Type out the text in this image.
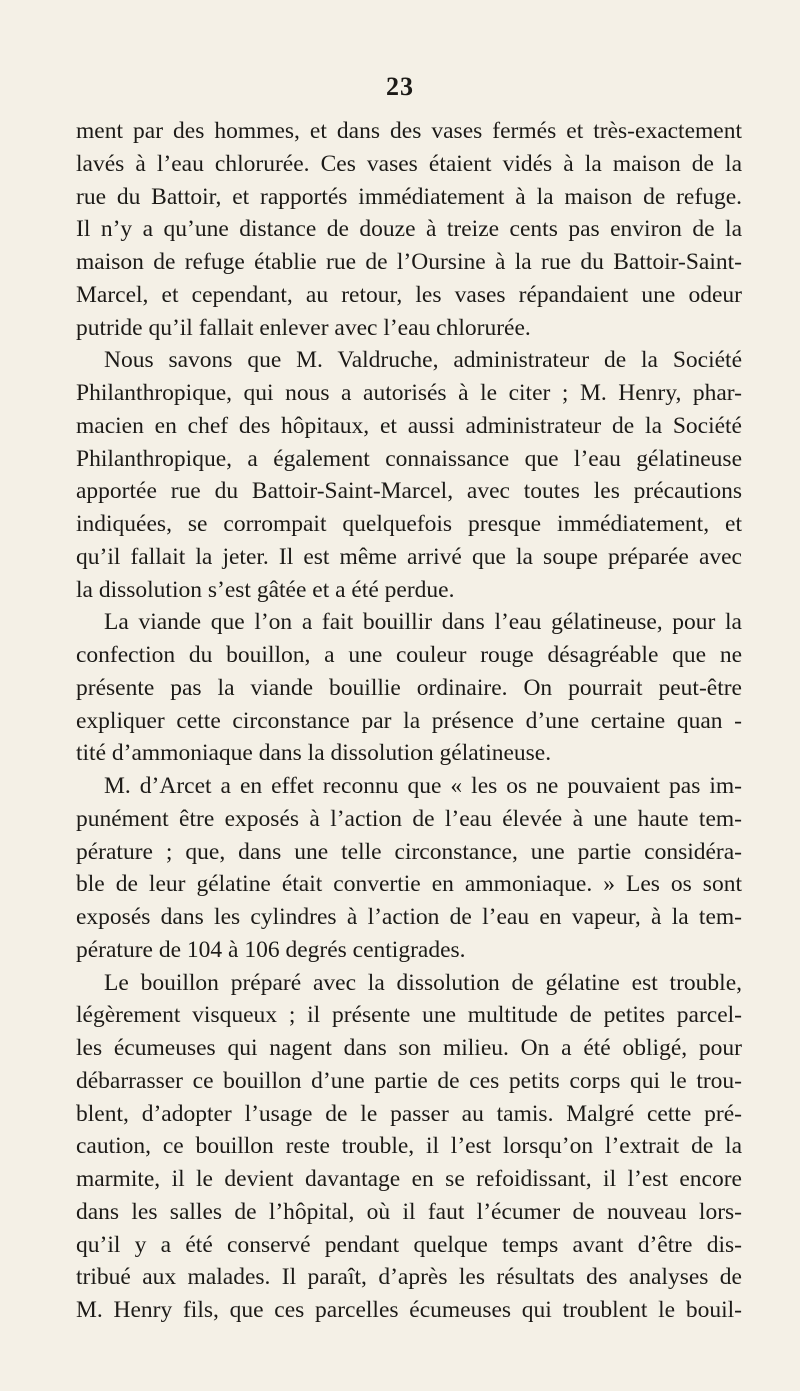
23
ment par des hommes, et dans des vases fermés et très-exactement
lavés à l’eau chlorurée. Ces vases étaient vidés à la maison de la
rue du Battoir, et rapportés immédiatement à la maison de refuge.
Il n’y a qu’une distance de douze à treize cents pas environ de la
maison de refuge établie rue de l’Oursine à la rue du Battoir-Saint-
Marcel, et cependant, au retour, les vases répandaient une odeur
putride qu’il fallait enlever avec l’eau chlorurée.
Nous savons que M. Valdruche, administrateur de la Société
Philanthropique, qui nous a autorisés à le citer ; M. Henry, phar-
macien en chef des hôpitaux, et aussi administrateur de la Société
Philanthropique, a également connaissance que l’eau gélatineuse
apportée rue du Battoir-Saint-Marcel, avec toutes les précautions
indiquées, se corrompait quelquefois presque immédiatement, et
qu’il fallait la jeter. Il est même arrivé que la soupe préparée avec
la dissolution s’est gâtée et a été perdue.
La viande que l’on a fait bouillir dans l’eau gélatineuse, pour la
confection du bouillon, a une couleur rouge désagréable que ne
présente pas la viande bouillie ordinaire. On pourrait peut-être
expliquer cette circonstance par la présence d’une certaine quan -
tité d’ammoniaque dans la dissolution gélatineuse.
M. d’Arcet a en effet reconnu que « les os ne pouvaient pas im-
punément être exposés à l’action de l’eau élevée à une haute tem-
pérature ; que, dans une telle circonstance, une partie considéra-
ble de leur gélatine était convertie en ammoniaque. » Les os sont
exposés dans les cylindres à l’action de l’eau en vapeur, à la tem-
pérature de 104 à 106 degrés centigrades.
Le bouillon préparé avec la dissolution de gélatine est trouble,
légèrement visqueux ; il présente une multitude de petites parcel-
les écumeuses qui nagent dans son milieu. On a été obligé, pour
débarrasser ce bouillon d’une partie de ces petits corps qui le trou-
blent, d’adopter l’usage de le passer au tamis. Malgré cette pré-
caution, ce bouillon reste trouble, il l’est lorsqu’on l’extrait de la
marmite, il le devient davantage en se refoidissant, il l’est encore
dans les salles de l’hôpital, où il faut l’écumer de nouveau lors-
qu’il y a été conservé pendant quelque temps avant d’être dis-
tribué aux malades. Il paraît, d’après les résultats des analyses de
M. Henry fils, que ces parcelles écumeuses qui troublent le bouil-
